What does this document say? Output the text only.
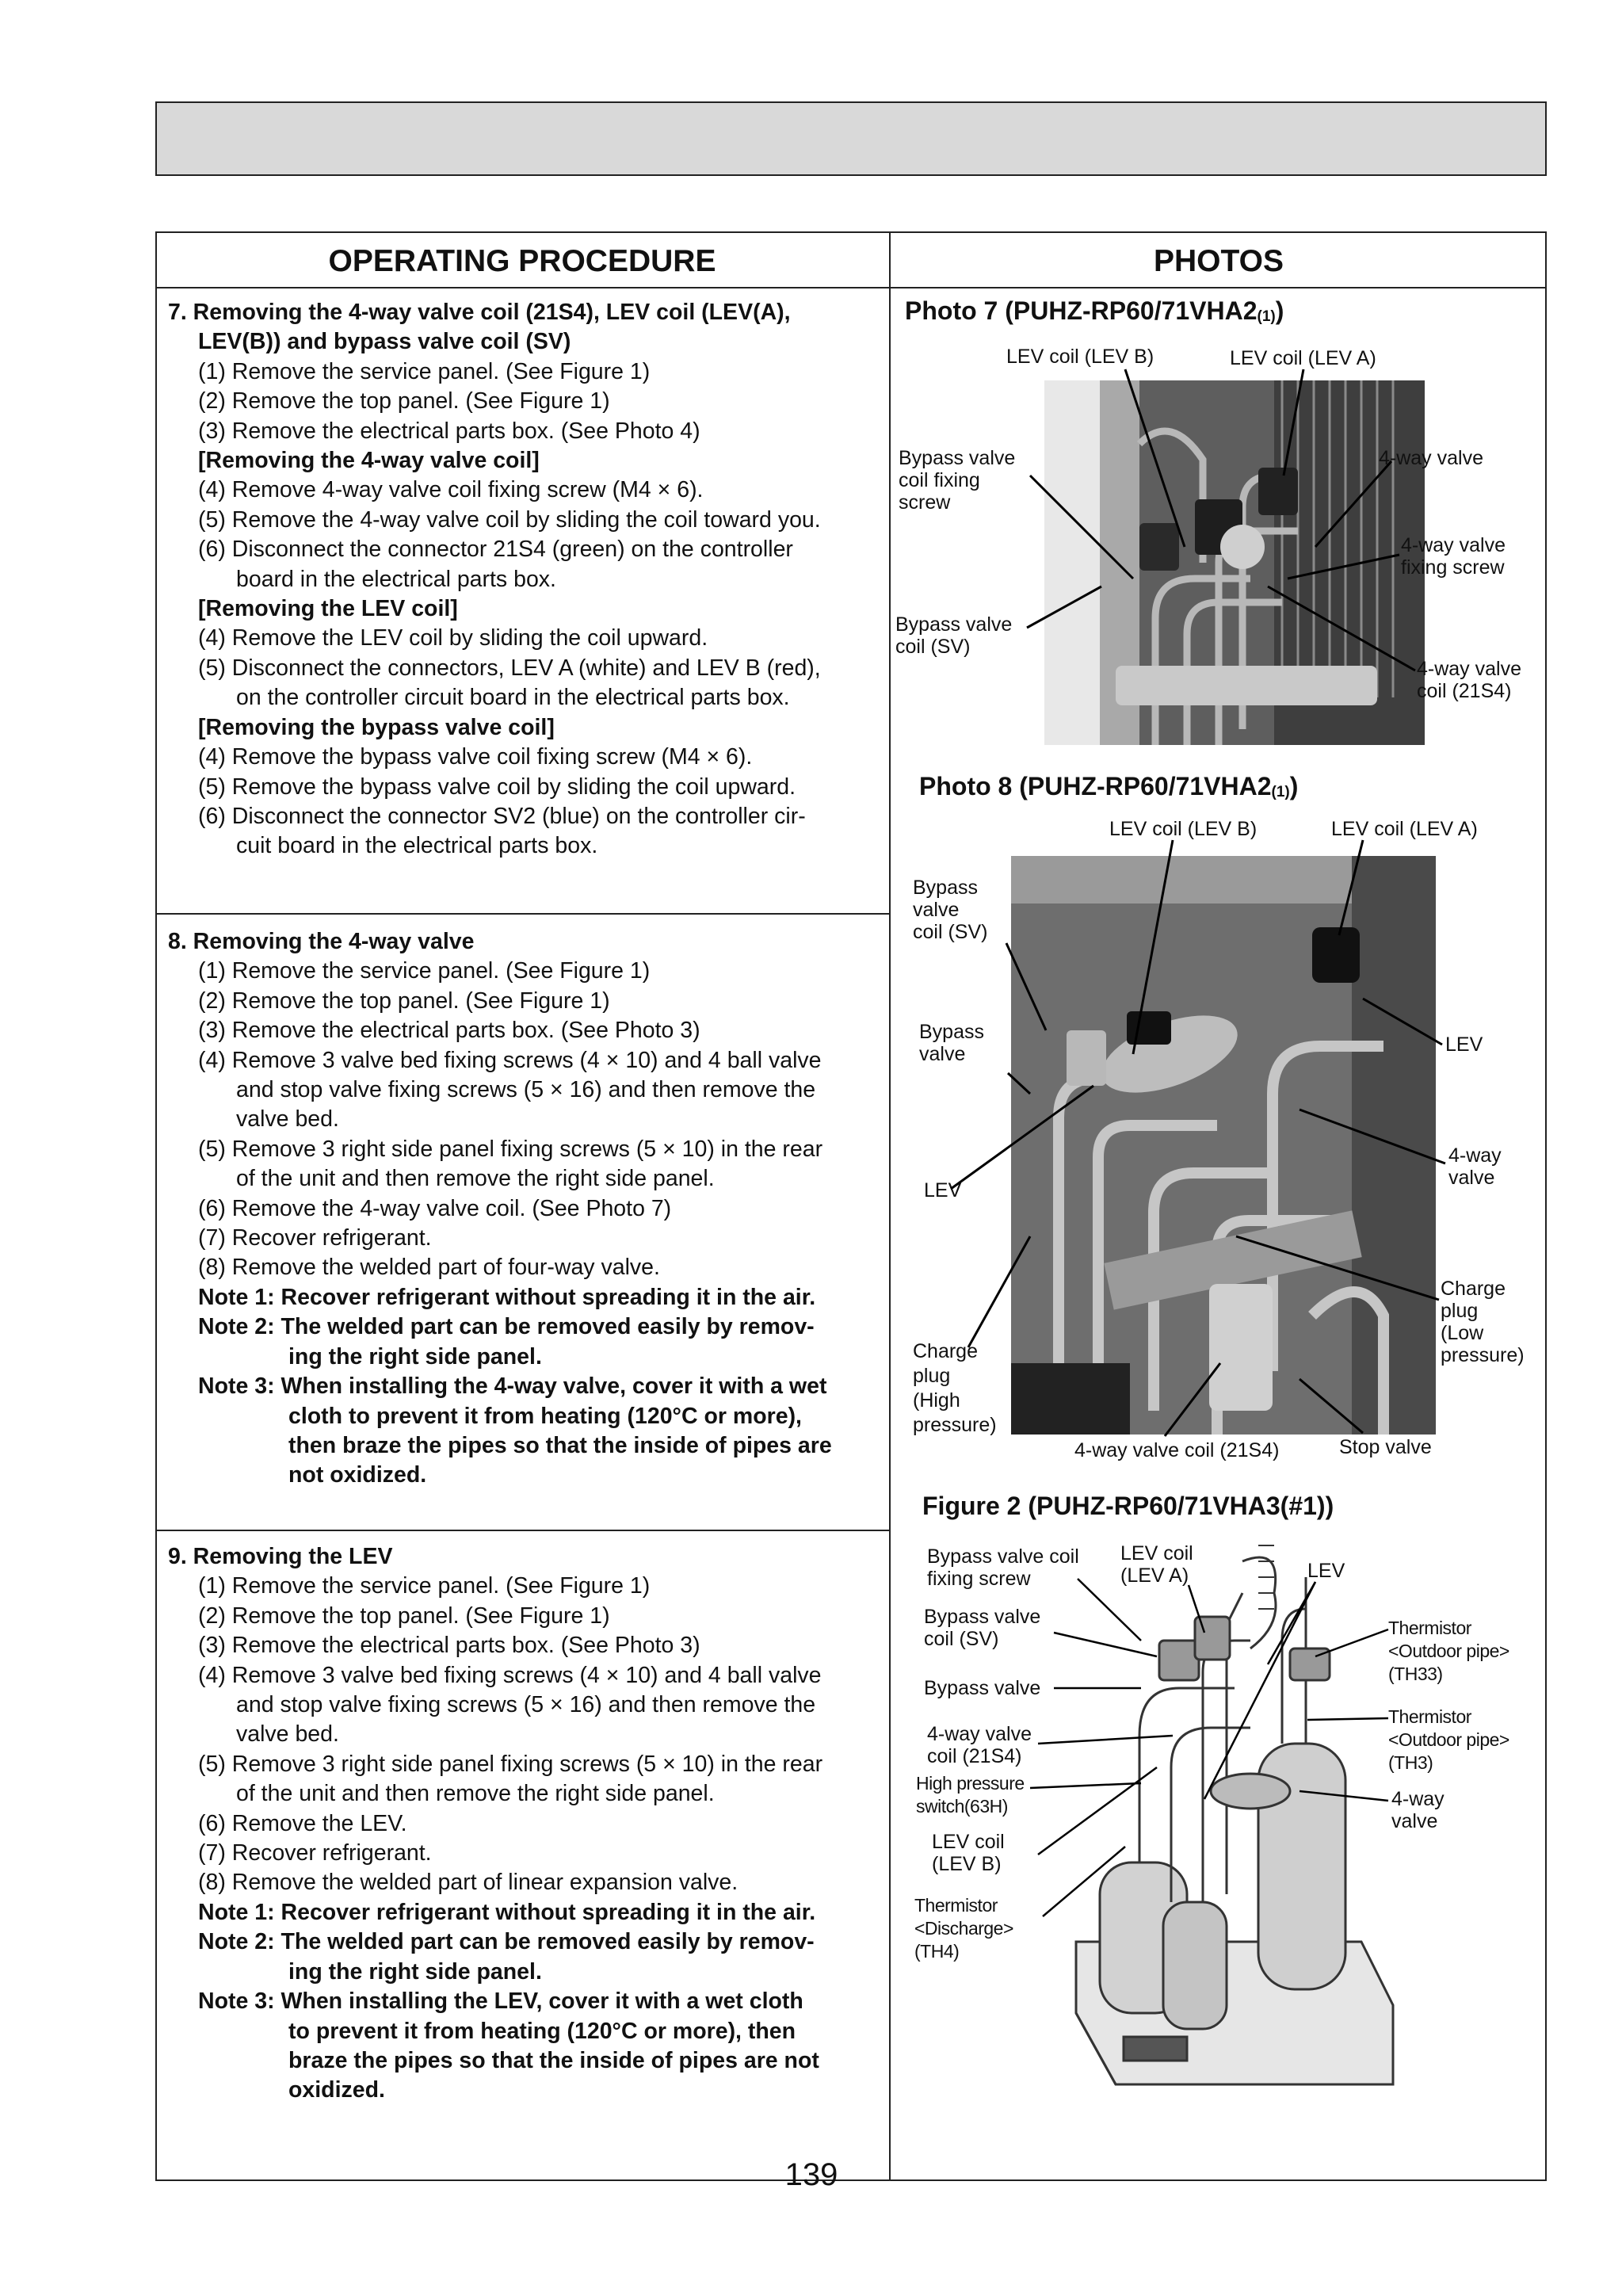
OPERATING PROCEDURE	PHOTOS
7. Removing the 4-way valve coil (21S4), LEV coil (LEV(A),
LEV(B)) and bypass valve coil (SV)
(1) Remove the service panel. (See Figure 1)
(2) Remove the top panel. (See Figure 1)
(3) Remove the electrical parts box. (See Photo 4)
[Removing the 4-way valve coil]
(4) Remove 4-way valve coil fixing screw (M4 × 6).
(5) Remove the 4-way valve coil by sliding the coil toward you.
(6) Disconnect the connector 21S4 (green) on the controller
board in the electrical parts box.
[Removing the LEV coil]
(4) Remove the LEV coil by sliding the coil upward.
(5) Disconnect the connectors, LEV A (white) and LEV B (red),
on the controller circuit board in the electrical parts box.
[Removing the bypass valve coil]
(4) Remove the bypass valve coil fixing screw (M4 × 6).
(5) Remove the bypass valve coil by sliding the coil upward.
(6) Disconnect the connector SV2 (blue) on the controller cir-
cuit board in the electrical parts box.
8. Removing the 4-way valve
(1) Remove the service panel. (See Figure 1)
(2) Remove the top panel. (See Figure 1)
(3) Remove the electrical parts box. (See Photo 3)
(4) Remove 3 valve bed fixing screws (4 × 10) and 4 ball valve
and stop valve fixing screws (5 × 16) and then remove the
valve bed.
(5) Remove 3 right side panel fixing screws (5 × 10) in the rear
of the unit and then remove the right side panel.
(6) Remove the 4-way valve coil. (See Photo 7)
(7) Recover refrigerant.
(8) Remove the welded part of four-way valve.
Note 1: Recover refrigerant without spreading it in the air.
Note 2: The welded part can be removed easily by remov-
ing the right side panel.
Note 3: When installing the 4-way valve, cover it with a wet
cloth to prevent it from heating (120°C or more),
then braze the pipes so that the inside of pipes are
not oxidized.
9. Removing the LEV
(1) Remove the service panel. (See Figure 1)
(2) Remove the top panel. (See Figure 1)
(3) Remove the electrical parts box. (See Photo 3)
(4) Remove 3 valve bed fixing screws (4 × 10) and 4 ball valve
and stop valve fixing screws (5 × 16) and then remove the
valve bed.
(5) Remove 3 right side panel fixing screws (5 × 10) in the rear
of the unit and then remove the right side panel.
(6) Remove the LEV.
(7) Recover refrigerant.
(8) Remove the welded part of linear expansion valve.
Note 1: Recover refrigerant without spreading it in the air.
Note 2: The welded part can be removed easily by remov-
ing the right side panel.
Note 3: When installing the LEV, cover it with a wet cloth
to prevent it from heating (120°C or more), then
braze the pipes so that the inside of pipes are not
oxidized.
Photo 7 $(PUHZ-RP60/71VHA2_{(1)})$
LEV coil (LEV B)	LEV coil (LEV A)
Bypass valve
coil fixing
screw
4-way valve
4-way valve
fixing screw
Bypass valve
coil (SV)
4-way valve
coil (21S4)
Photo 8 $(PUHZ-RP60/71VHA2_{(1)})$
LEV coil (LEV B)	LEV coil (LEV A)
Bypass
valve
coil (SV)
Bypass
valve	LEV
4-way
valve
LEV
Charge
plug
(Low
pressure)
Charge
plug
(High
pressure)
4-way valve coil (21S4)	Stop valve
Figure 2 (PUHZ-RP60/71VHA3(#1))
Bypass valve coil
fixing screw
LEV coil
(LEV A)	LEV
Bypass valve
coil (SV)	Thermistor
<Outdoor pipe>
(TH33)
Bypass valve
Thermistor
<Outdoor pipe>
(TH3)
4-way valve
coil (21S4)
High pressure
switch(63H)	4-way
valve
LEV coil
(LEV B)
Thermistor
<Discharge>
(TH4)
139
